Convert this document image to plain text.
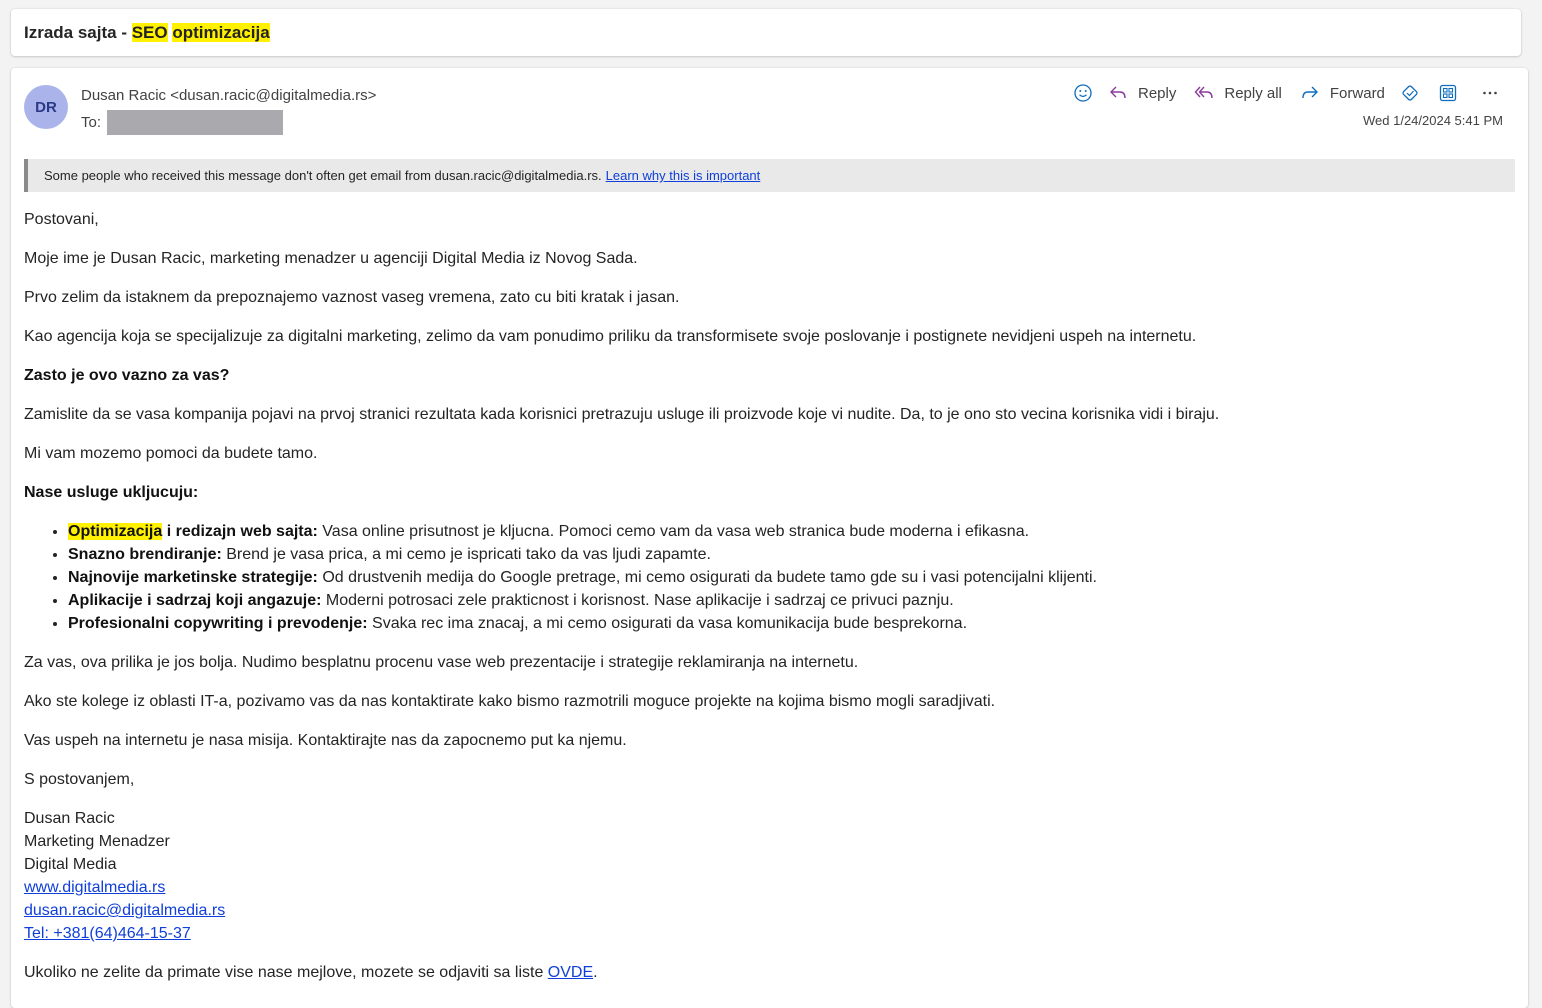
Izrada sajta - SEO optimizacija
DR
Dusan Racic <dusan.racic@digitalmedia.rs>
To:
Reply	Reply all	Forward
Wed 1/24/2024 5:41 PM
Some people who received this message don't often get email from dusan.racic@digitalmedia.rs. Learn why this is important

Postovani,

Moje ime je Dusan Racic, marketing menadzer u agenciji Digital Media iz Novog Sada.

Prvo zelim da istaknem da prepoznajemo vaznost vaseg vremena, zato cu biti kratak i jasan.

Kao agencija koja se specijalizuje za digitalni marketing, zelimo da vam ponudimo priliku da transformisete svoje poslovanje i postignete nevidjeni uspeh na internetu.

Zasto je ovo vazno za vas?

Zamislite da se vasa kompanija pojavi na prvoj stranici rezultata kada korisnici pretrazuju usluge ili proizvode koje vi nudite. Da, to je ono sto vecina korisnika vidi i biraju.

Mi vam mozemo pomoci da budete tamo.

Nase usluge ukljucuju:

• Optimizacija i redizajn web sajta: Vasa online prisutnost je kljucna. Pomoci cemo vam da vasa web stranica bude moderna i efikasna.
• Snazno brendiranje: Brend je vasa prica, a mi cemo je ispricati tako da vas ljudi zapamte.
• Najnovije marketinske strategije: Od drustvenih medija do Google pretrage, mi cemo osigurati da budete tamo gde su i vasi potencijalni klijenti.
• Aplikacije i sadrzaj koji angazuje: Moderni potrosaci zele prakticnost i korisnost. Nase aplikacije i sadrzaj ce privuci paznju.
• Profesionalni copywriting i prevodenje: Svaka rec ima znacaj, a mi cemo osigurati da vasa komunikacija bude besprekorna.

Za vas, ova prilika je jos bolja. Nudimo besplatnu procenu vase web prezentacije i strategije reklamiranja na internetu.

Ako ste kolege iz oblasti IT-a, pozivamo vas da nas kontaktirate kako bismo razmotrili moguce projekte na kojima bismo mogli saradjivati.

Vas uspeh na internetu je nasa misija. Kontaktirajte nas da zapocnemo put ka njemu.

S postovanjem,

Dusan Racic
Marketing Menadzer
Digital Media
www.digitalmedia.rs
dusan.racic@digitalmedia.rs
Tel: +381(64)464-15-37

Ukoliko ne zelite da primate vise nase mejlove, mozete se odjaviti sa liste OVDE.
